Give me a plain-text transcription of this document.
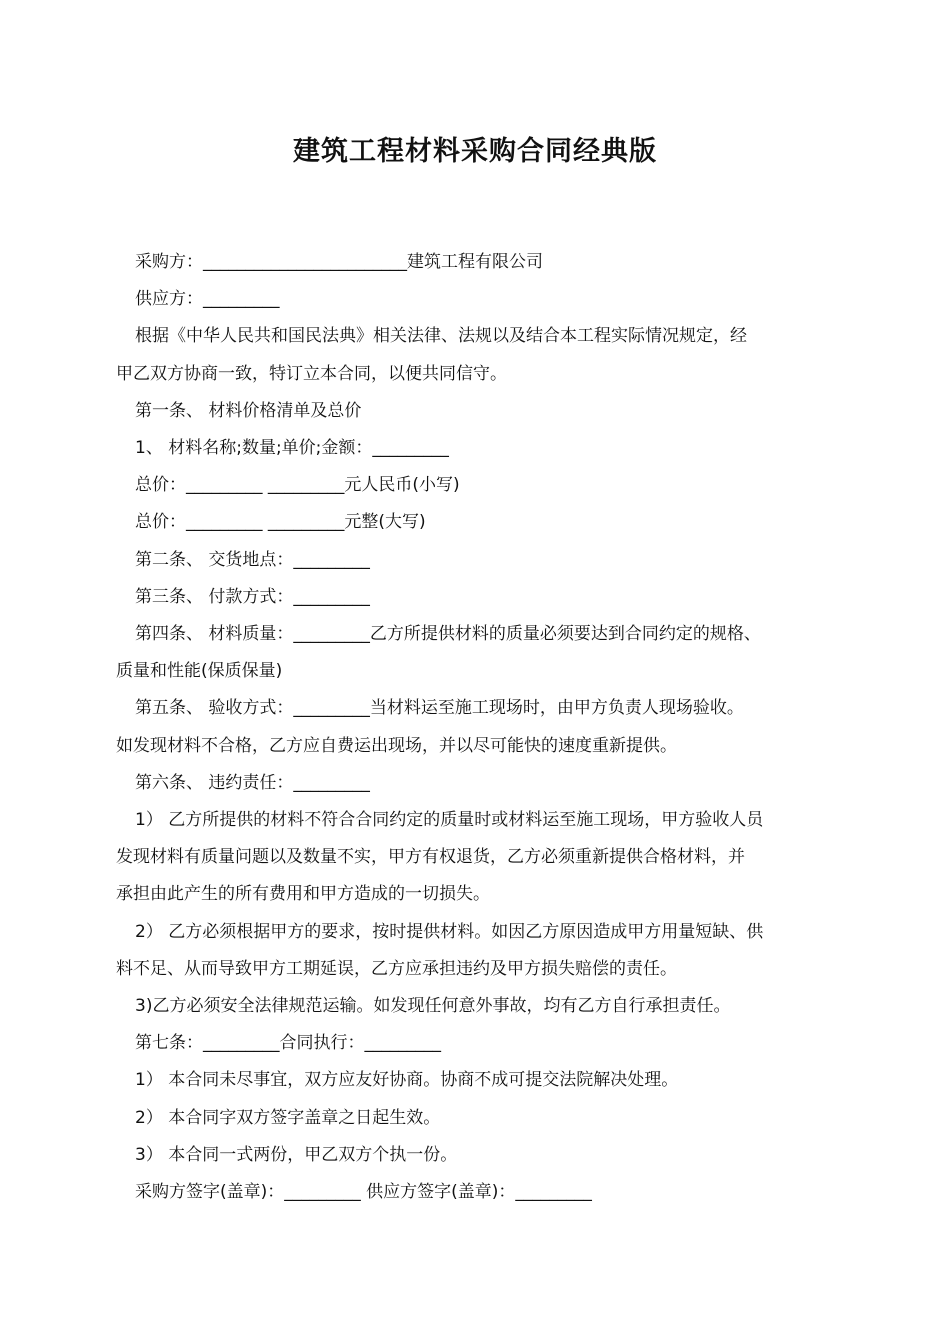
建筑工程材料采购合同经典版
采购方：________________________建筑工程有限公司
供应方：_________
根据《中华人民共和国民法典》相关法律、法规以及结合本工程实际情况规定，经
甲乙双方协商一致，特订立本合同，以便共同信守。
第一条、 材料价格清单及总价
1、 材料名称;数量;单价;金额：_________
总价：_________ _________元人民币(小写)
总价：_________ _________元整(大写)
第二条、 交货地点：_________
第三条、 付款方式：_________
第四条、 材料质量：_________乙方所提供材料的质量必须要达到合同约定的规格、
质量和性能(保质保量)
第五条、 验收方式：_________当材料运至施工现场时，由甲方负责人现场验收。
如发现材料不合格，乙方应自费运出现场，并以尽可能快的速度重新提供。
第六条、 违约责任：_________
1） 乙方所提供的材料不符合合同约定的质量时或材料运至施工现场，甲方验收人员
发现材料有质量问题以及数量不实，甲方有权退货，乙方必须重新提供合格材料，并
承担由此产生的所有费用和甲方造成的一切损失。
2） 乙方必须根据甲方的要求，按时提供材料。如因乙方原因造成甲方用量短缺、供
料不足、从而导致甲方工期延误，乙方应承担违约及甲方损失赔偿的责任。
3)乙方必须安全法律规范运输。如发现任何意外事故，均有乙方自行承担责任。
第七条：_________合同执行：_________
1） 本合同未尽事宜，双方应友好协商。协商不成可提交法院解决处理。
2） 本合同字双方签字盖章之日起生效。
3） 本合同一式两份，甲乙双方个执一份。
采购方签字(盖章)：_________ 供应方签字(盖章)：_________
